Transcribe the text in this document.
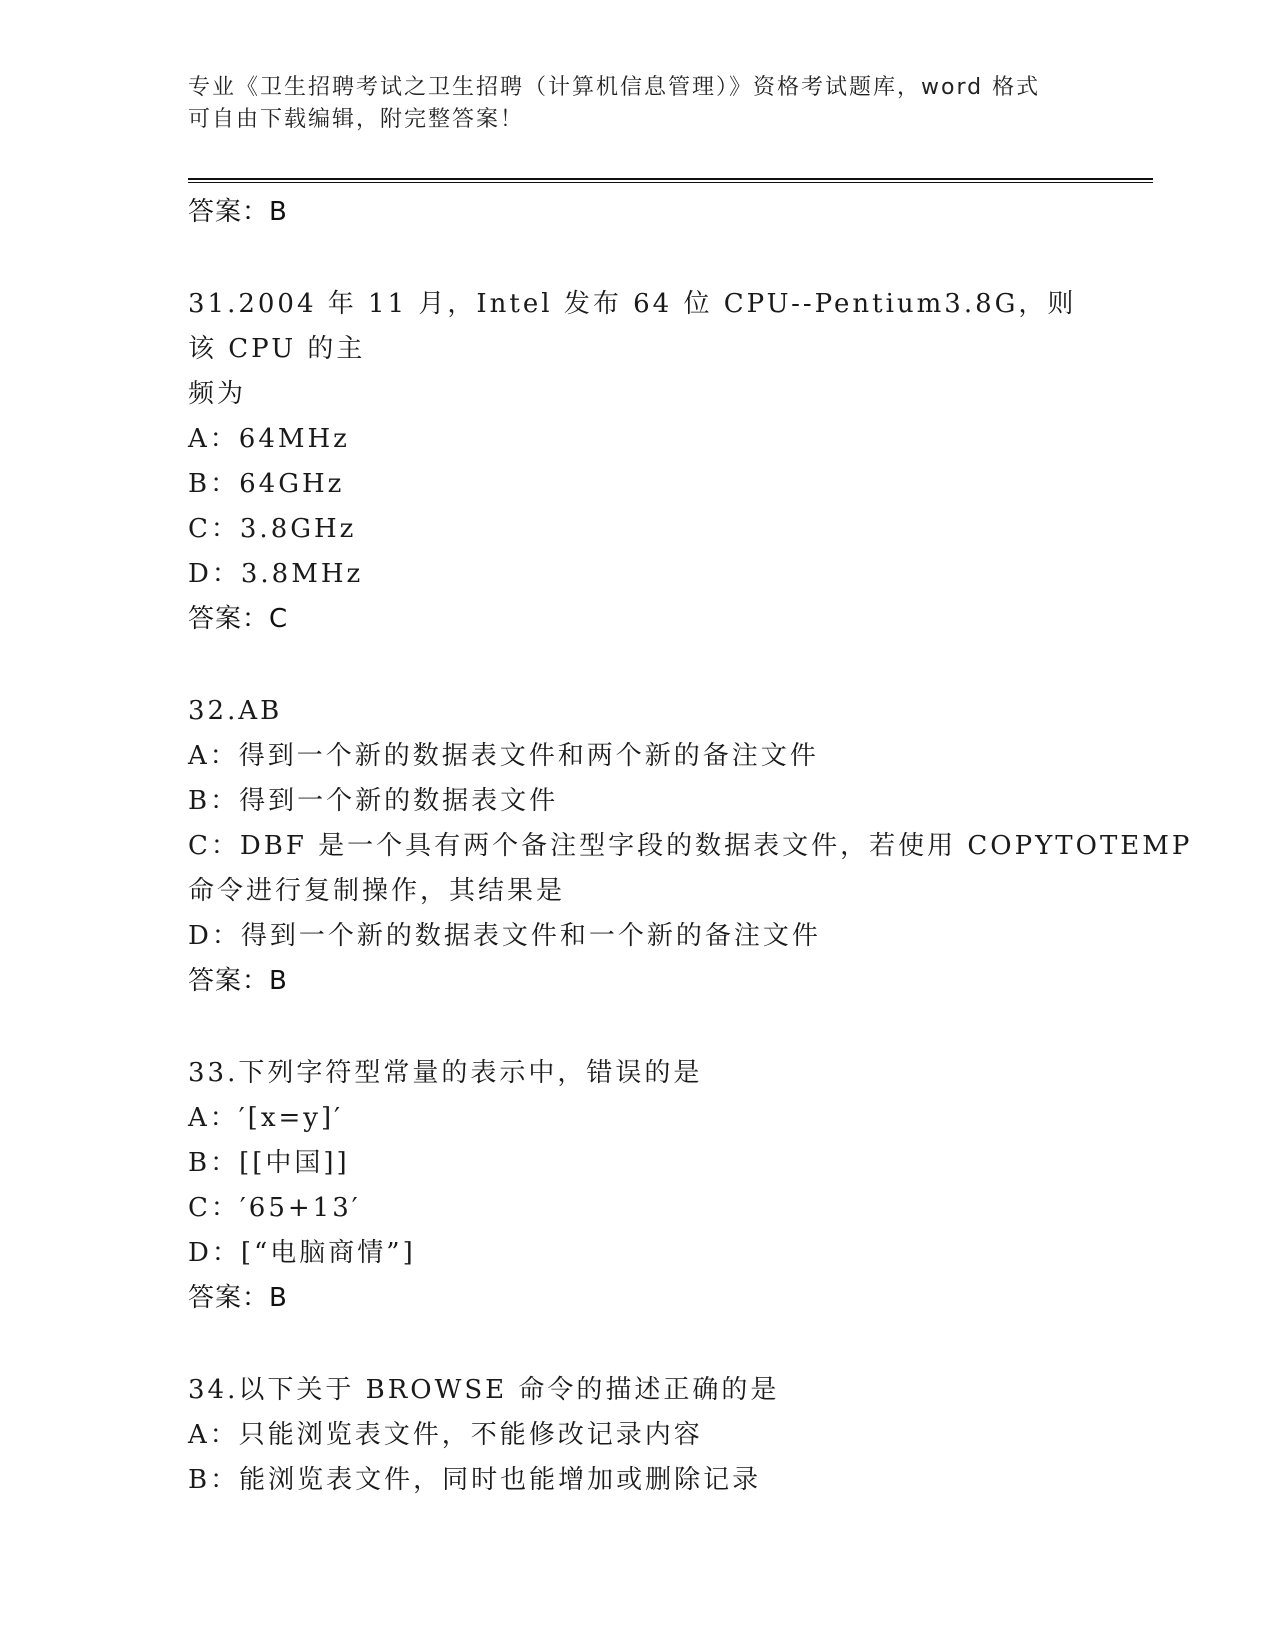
专业《卫生招聘考试之卫生招聘（计算机信息管理）》资格考试题库，word 格式
可自由下载编辑，附完整答案！
答案：B
31.2004 年 11 月，Intel 发布 64 位 CPU--Pentium3.8G，则该 CPU 的主
频为
A：64MHz
B：64GHz
C：3.8GHz
D：3.8MHz
答案：C
32.AB
A：得到一个新的数据表文件和两个新的备注文件
B：得到一个新的数据表文件
C：DBF 是一个具有两个备注型字段的数据表文件，若使用 COPYTOTEMP
命令进行复制操作，其结果是
D：得到一个新的数据表文件和一个新的备注文件
答案：B
33.下列字符型常量的表示中，错误的是
A：′[x=y]′
B：[[中国]]
C：′65+13′
D：[“电脑商情”]
答案：B
34.以下关于 BROWSE 命令的描述正确的是
A：只能浏览表文件，不能修改记录内容
B：能浏览表文件，同时也能增加或删除记录
